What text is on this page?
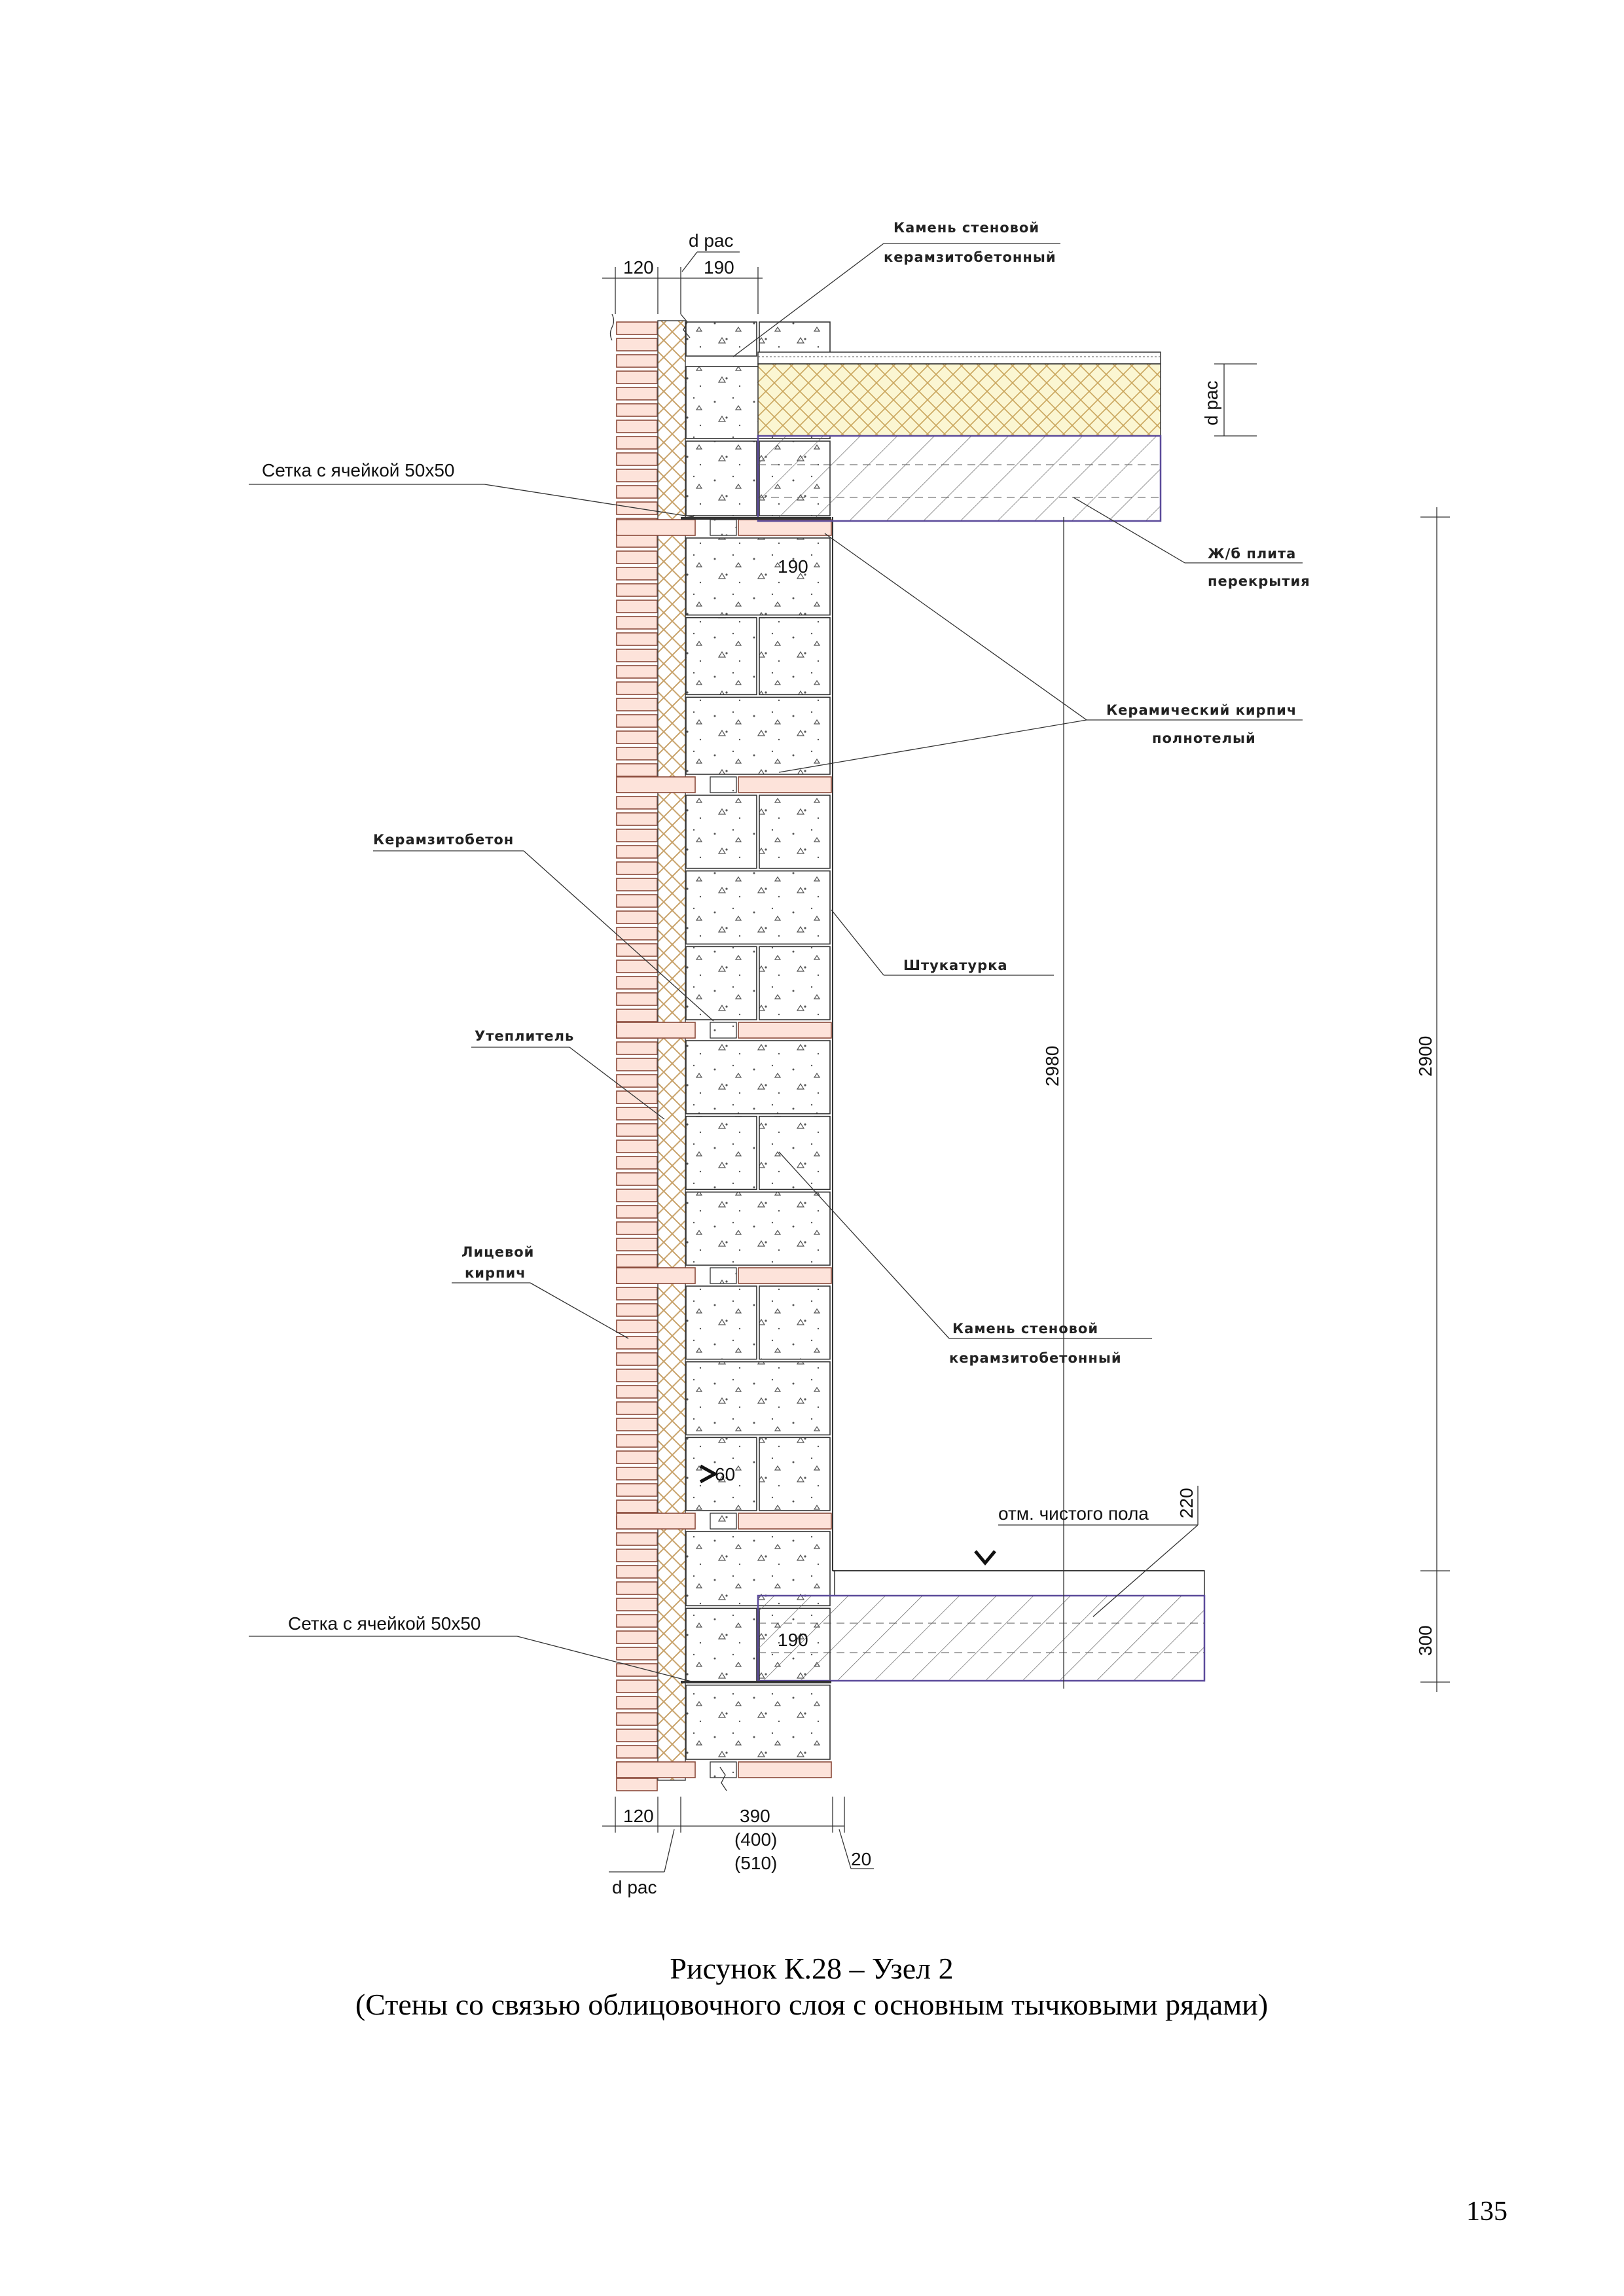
Камень стеновой
керамзитобетонный
Сетка с ячейкой 50х50
Ж/б плита
перекрытия
Керамический кирпич
полнотелый
Керамзитобетон
Штукатурка
Утеплитель
Лицевой
кирпич
Камень стеновой
керамзитобетонный
отм. чистого пола
Сетка с ячейкой 50х50
d рас
120	190
d рас
190
2980	2900
300
220
60
190
120	390
(400)
(510)
d рас
20
Рисунок К.28 – Узел 2
(Стены со связью облицовочного слоя с основным тычковыми рядами)
135
